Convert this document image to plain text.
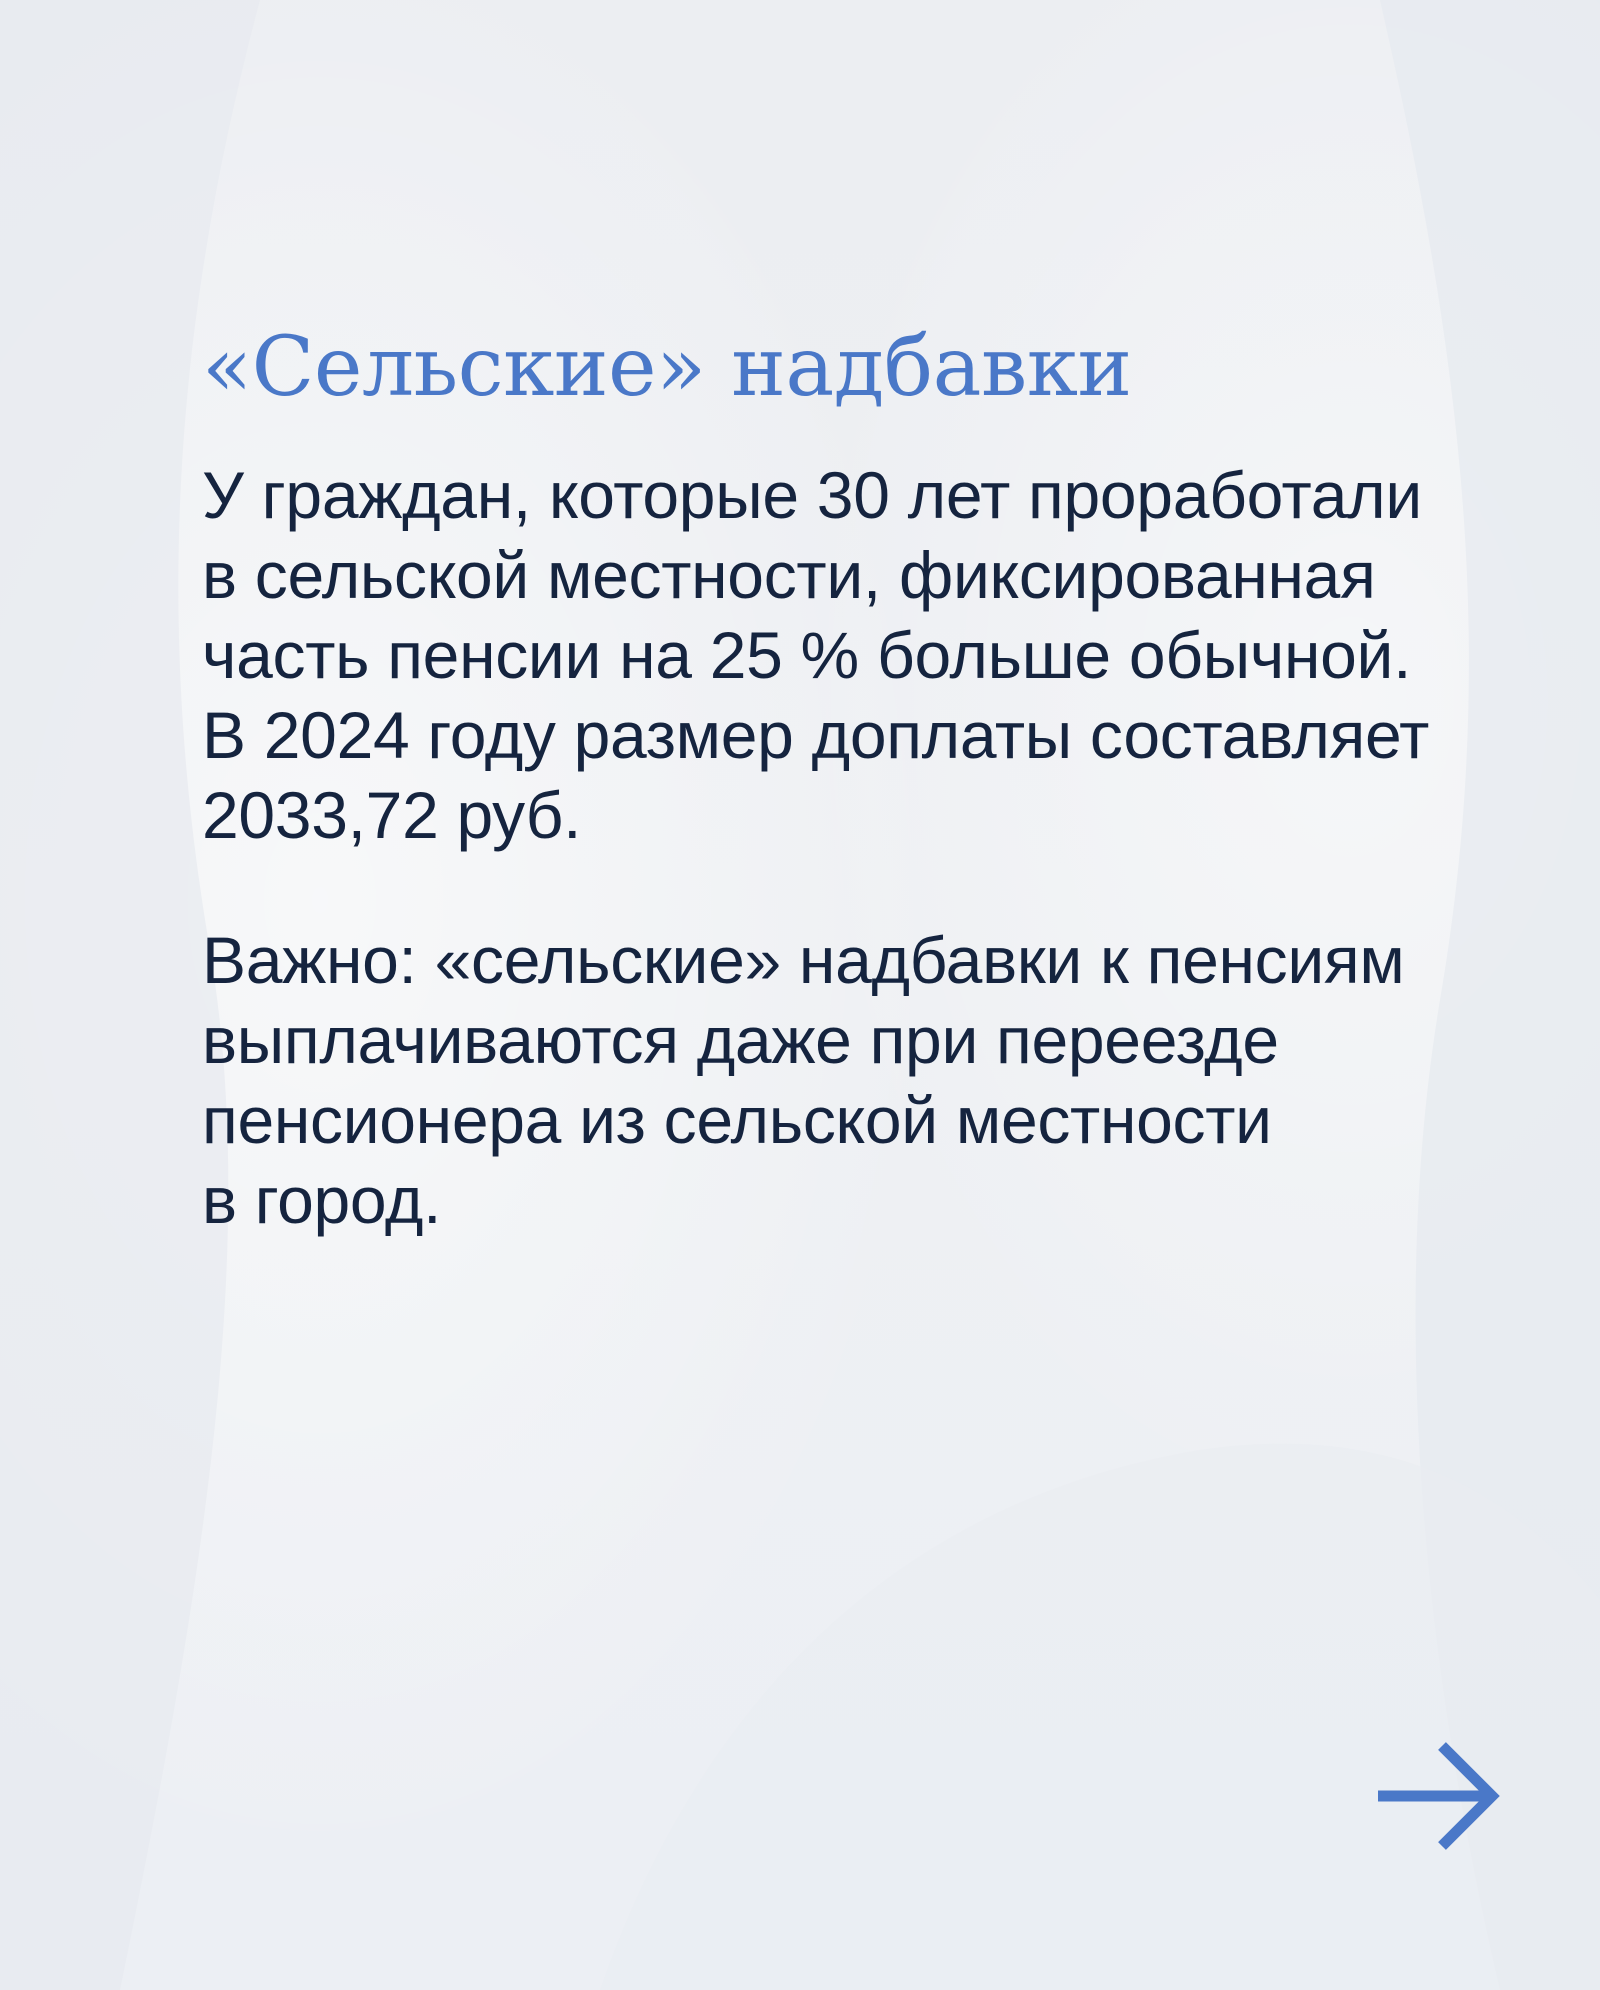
«Сельские» надбавки

У граждан, которые 30 лет проработали
в сельской местности, фиксированная
часть пенсии на 25 % больше обычной.
В 2024 году размер доплаты составляет
2033,72 руб.

Важно: «сельские» надбавки к пенсиям
выплачиваются даже при переезде
пенсионера из сельской местности
в город.
